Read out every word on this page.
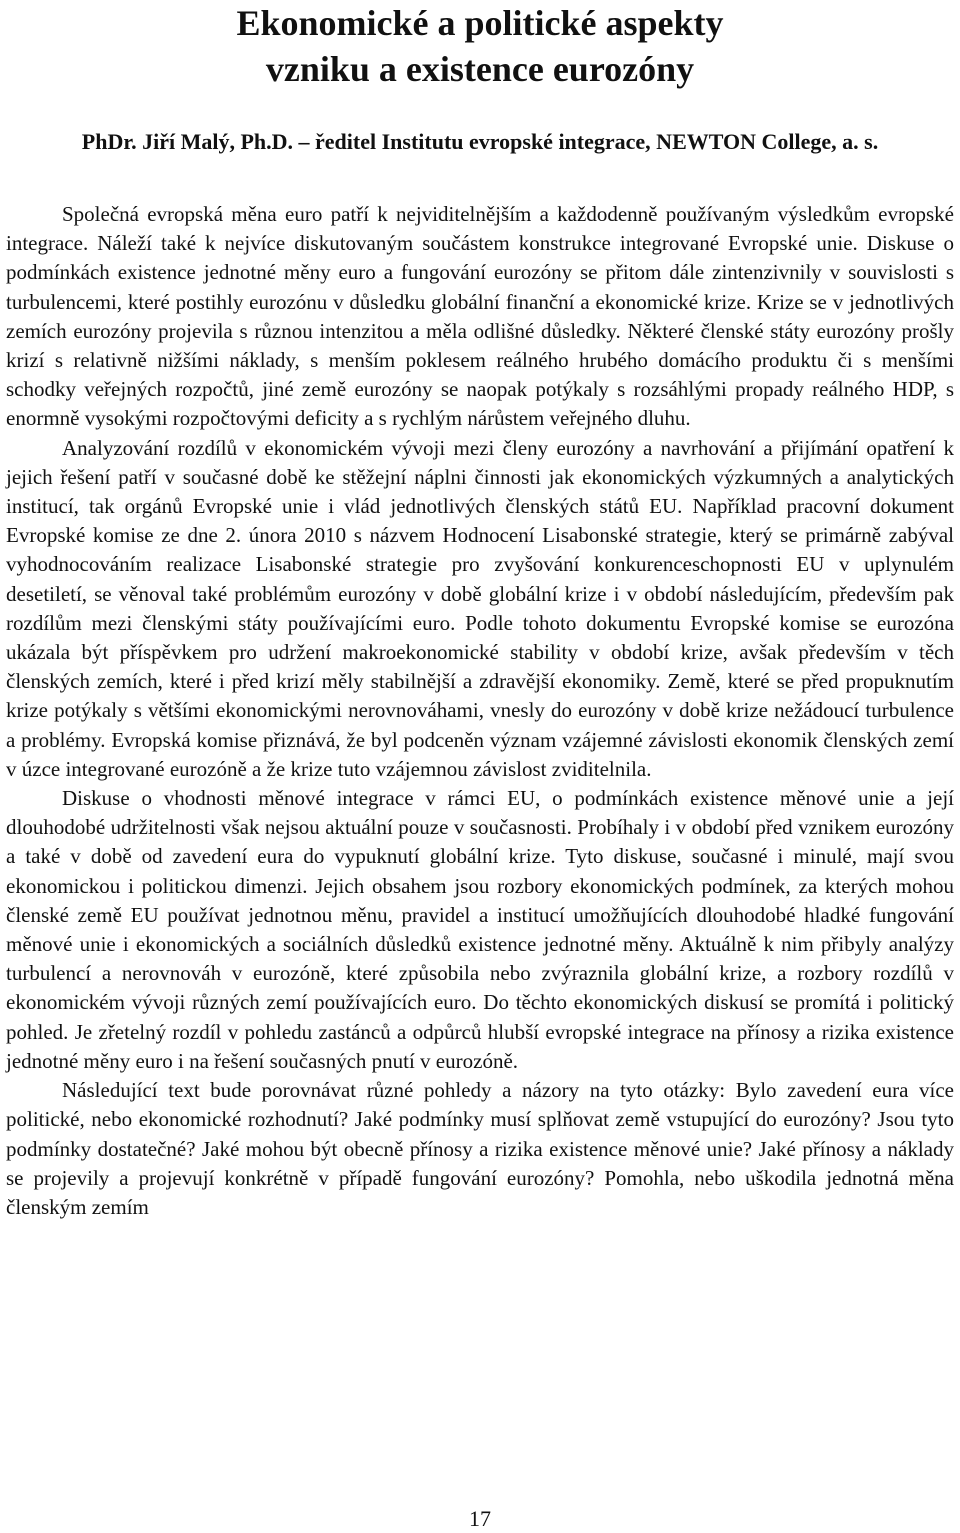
Ekonomické a politické aspekty
vzniku a existence eurozóny

PhDr. Jiří Malý, Ph.D. – ředitel Institutu evropské integrace, NEWTON College, a. s.

Společná evropská měna euro patří k nejviditelnějším a každodenně používaným výsledkům evropské integrace. Náleží také k nejvíce diskutovaným součástem konstrukce integrované Evropské unie. Diskuse o podmínkách existence jednotné měny euro a fungování eurozóny se přitom dále zintenzivnily v souvislosti s turbulencemi, které postihly eurozónu v důsledku globální finanční a ekonomické krize. Krize se v jednotlivých zemích eurozóny projevila s různou intenzitou a měla odlišné důsledky. Některé členské státy eurozóny prošly krizí s relativně nižšími náklady, s menším poklesem reálného hrubého domácího produktu či s menšími schodky veřejných rozpočtů, jiné země eurozóny se naopak potýkaly s rozsáhlými propady reálného HDP, s enormně vysokými rozpočtovými deficity a s rychlým nárůstem veřejného dluhu.

Analyzování rozdílů v ekonomickém vývoji mezi členy eurozóny a navrhování a přijímání opatření k jejich řešení patří v současné době ke stěžejní náplni činnosti jak ekonomických výzkumných a analytických institucí, tak orgánů Evropské unie i vlád jednotlivých členských států EU. Například pracovní dokument Evropské komise ze dne 2. února 2010 s názvem Hodnocení Lisabonské strategie, který se primárně zabýval vyhodnocováním realizace Lisabonské strategie pro zvyšování konkurenceschopnosti EU v uplynulém desetiletí, se věnoval také problémům eurozóny v době globální krize i v období následujícím, především pak rozdílům mezi členskými státy používajícími euro. Podle tohoto dokumentu Evropské komise se eurozóna ukázala být příspěvkem pro udržení makroekonomické stability v období krize, avšak především v těch členských zemích, které i před krizí měly stabilnější a zdravější ekonomiky. Země, které se před propuknutím krize potýkaly s většími ekonomickými nerovnováhami, vnesly do eurozóny v době krize nežádoucí turbulence a problémy. Evropská komise přiznává, že byl podceněn význam vzájemné závislosti ekonomik členských zemí v úzce integrované eurozóně a že krize tuto vzájemnou závislost zviditelnila.

Diskuse o vhodnosti měnové integrace v rámci EU, o podmínkách existence měnové unie a její dlouhodobé udržitelnosti však nejsou aktuální pouze v současnosti. Probíhaly i v období před vznikem eurozóny a také v době od zavedení eura do vypuknutí globální krize. Tyto diskuse, současné i minulé, mají svou ekonomickou i politickou dimenzi. Jejich obsahem jsou rozbory ekonomických podmínek, za kterých mohou členské země EU používat jednotnou měnu, pravidel a institucí umožňujících dlouhodobé hladké fungování měnové unie i ekonomických a sociálních důsledků existence jednotné měny. Aktuálně k nim přibyly analýzy turbulencí a nerovnováh v eurozóně, které způsobila nebo zvýraznila globální krize, a rozbory rozdílů v ekonomickém vývoji různých zemí používajících euro. Do těchto ekonomických diskusí se promítá i politický pohled. Je zřetelný rozdíl v pohledu zastánců a odpůrců hlubší evropské integrace na přínosy a rizika existence jednotné měny euro i na řešení současných pnutí v eurozóně.

Následující text bude porovnávat různé pohledy a názory na tyto otázky: Bylo zavedení eura více politické, nebo ekonomické rozhodnutí? Jaké podmínky musí splňovat země vstupující do eurozóny? Jsou tyto podmínky dostatečné? Jaké mohou být obecně přínosy a rizika existence měnové unie? Jaké přínosy a náklady se projevily a projevují konkrétně v případě fungování eurozóny? Pomohla, nebo uškodila jednotná měna členským zemím

17
